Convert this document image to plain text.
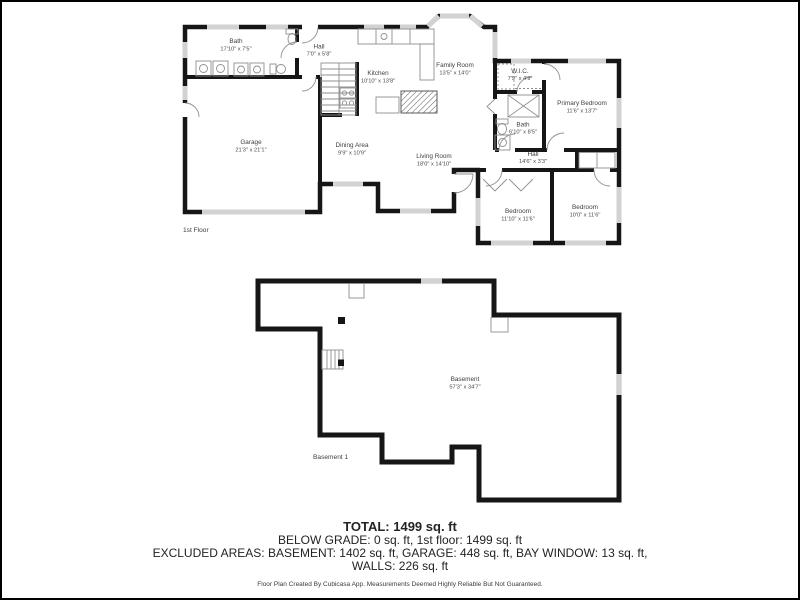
Bath
17'10" x 7'5"	Hall
7'0" x 5'8"
Kitchen
10'10" x 13'8"
Family Room
13'5" x 14'0"	W.I.C.
7'9" x 4'9"
Primary Bedroom
11'6" x 13'7"
Bath
6'10" x 8'5"
Hall
14'6" x 3'3"
Garage
21'3" x 21'1"
Dining Area
9'9" x 10'9"	Living Room
18'0" x 14'10"
Bedroom
11'10" x 11'6"
Bedroom
10'0" x 11'6"
1st Floor
Basement
57'3" x 34'7"
Basement 1
TOTAL: 1499 sq. ft
BELOW GRADE: 0 sq. ft, 1st floor: 1499 sq. ft
EXCLUDED AREAS: BASEMENT: 1402 sq. ft, GARAGE: 448 sq. ft, BAY WINDOW: 13 sq. ft,
WALLS: 226 sq. ft
Floor Plan Created By Cubicasa App. Measurements Deemed Highly Reliable But Not Guaranteed.
